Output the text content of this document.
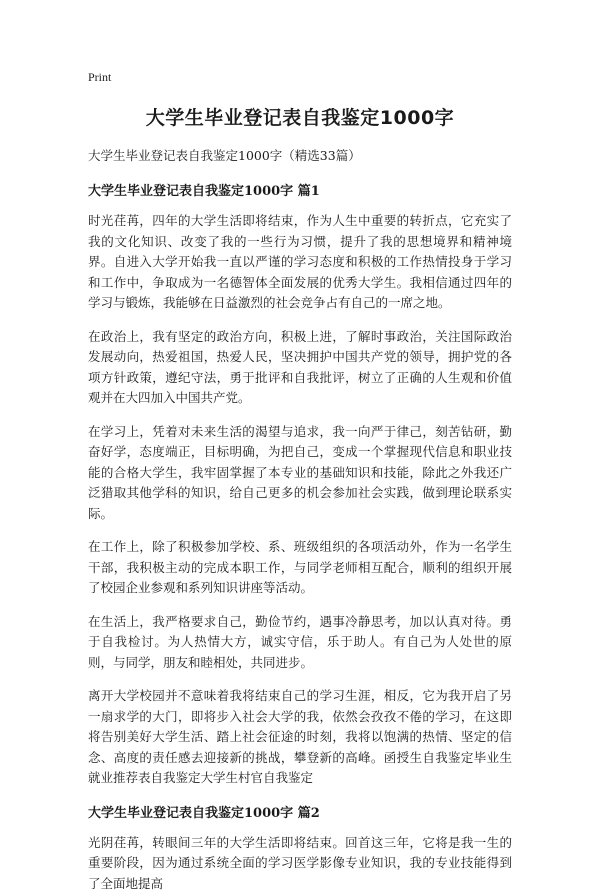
Print
大学生毕业登记表自我鉴定1000字
大学生毕业登记表自我鉴定1000字（精选33篇）
大学生毕业登记表自我鉴定1000字 篇1

时光荏苒，四年的大学生活即将结束，作为人生中重要的转折点，它充实了我的文化知识、改变了我的一些行为习惯，提升了我的思想境界和精神境界。自进入大学开始我一直以严谨的学习态度和积极的工作热情投身于学习和工作中，争取成为一名德智体全面发展的优秀大学生。我相信通过四年的学习与锻炼，我能够在日益激烈的社会竞争占有自己的一席之地。

在政治上，我有坚定的政治方向，积极上进，了解时事政治，关注国际政治发展动向，热爱祖国，热爱人民，坚决拥护中国共产党的领导，拥护党的各项方针政策，遵纪守法，勇于批评和自我批评，树立了正确的人生观和价值观并在大四加入中国共产党。

在学习上，凭着对未来生活的渴望与追求，我一向严于律己，刻苦钻研，勤奋好学，态度端正，目标明确，为把自己，变成一个掌握现代信息和职业技能的合格大学生，我牢固掌握了本专业的基础知识和技能，除此之外我还广泛猎取其他学科的知识，给自己更多的机会参加社会实践，做到理论联系实际。

在工作上，除了积极参加学校、系、班级组织的各项活动外，作为一名学生干部，我积极主动的完成本职工作，与同学老师相互配合，顺利的组织开展了校园企业参观和系列知识讲座等活动。

在生活上，我严格要求自己，勤俭节约，遇事冷静思考，加以认真对待。勇于自我检讨。为人热情大方，诚实守信，乐于助人。有自己为人处世的原则，与同学，朋友和睦相处，共同进步。

离开大学校园并不意味着我将结束自己的学习生涯，相反，它为我开启了另一扇求学的大门，即将步入社会大学的我，依然会孜孜不倦的学习，在这即将告别美好大学生活、踏上社会征途的时刻，我将以饱满的热情、坚定的信念、高度的责任感去迎接新的挑战，攀登新的高峰。函授生自我鉴定毕业生就业推荐表自我鉴定大学生村官自我鉴定

大学生毕业登记表自我鉴定1000字 篇2

光阴荏苒，转眼间三年的大学生活即将结束。回首这三年，它将是我一生的重要阶段，因为通过系统全面的学习医学影像专业知识，我的专业技能得到了全面地提高
